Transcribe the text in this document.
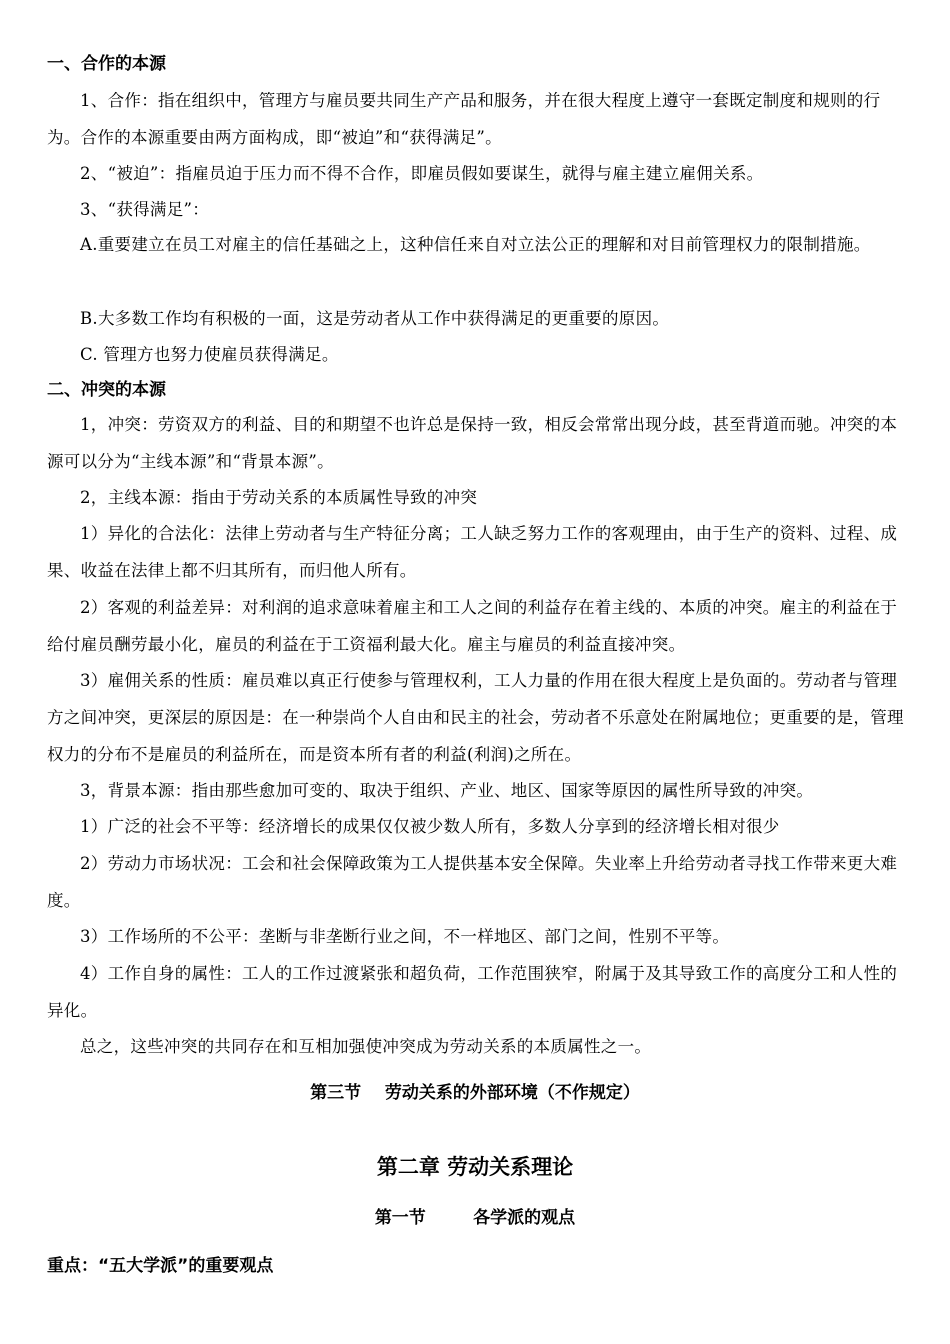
一、合作的本源
1、合作：指在组织中，管理方与雇员要共同生产产品和服务，并在很大程度上遵守一套既定制度和规则的行为。合作的本源重要由两方面构成，即“被迫”和“获得满足”。
2、“被迫”：指雇员迫于压力而不得不合作，即雇员假如要谋生，就得与雇主建立雇佣关系。
3、“获得满足”：
A.重要建立在员工对雇主的信任基础之上，这种信任来自对立法公正的理解和对目前管理权力的限制措施。
B.大多数工作均有积极的一面，这是劳动者从工作中获得满足的更重要的原因。
C. 管理方也努力使雇员获得满足。
二、冲突的本源
1，冲突：劳资双方的利益、目的和期望不也许总是保持一致，相反会常常出现分歧，甚至背道而驰。冲突的本源可以分为“主线本源”和“背景本源”。
2，主线本源：指由于劳动关系的本质属性导致的冲突
1）异化的合法化：法律上劳动者与生产特征分离；工人缺乏努力工作的客观理由，由于生产的资料、过程、成果、收益在法律上都不归其所有，而归他人所有。
2）客观的利益差异：对利润的追求意味着雇主和工人之间的利益存在着主线的、本质的冲突。雇主的利益在于给付雇员酬劳最小化，雇员的利益在于工资福利最大化。雇主与雇员的利益直接冲突。
3）雇佣关系的性质：雇员难以真正行使参与管理权利，工人力量的作用在很大程度上是负面的。劳动者与管理方之间冲突，更深层的原因是：在一种崇尚个人自由和民主的社会，劳动者不乐意处在附属地位；更重要的是，管理权力的分布不是雇员的利益所在，而是资本所有者的利益(利润)之所在。
3，背景本源：指由那些愈加可变的、取决于组织、产业、地区、国家等原因的属性所导致的冲突。
1）广泛的社会不平等：经济增长的成果仅仅被少数人所有，多数人分享到的经济增长相对很少
2）劳动力市场状况：工会和社会保障政策为工人提供基本安全保障。失业率上升给劳动者寻找工作带来更大难度。
3）工作场所的不公平：垄断与非垄断行业之间，不一样地区、部门之间，性别不平等。
4）工作自身的属性：工人的工作过渡紧张和超负荷，工作范围狭窄，附属于及其导致工作的高度分工和人性的异化。
总之，这些冲突的共同存在和互相加强使冲突成为劳动关系的本质属性之一。
第三节    劳动关系的外部环境（不作规定）
第二章 劳动关系理论
第一节        各学派的观点
重点：“五大学派”的重要观点
